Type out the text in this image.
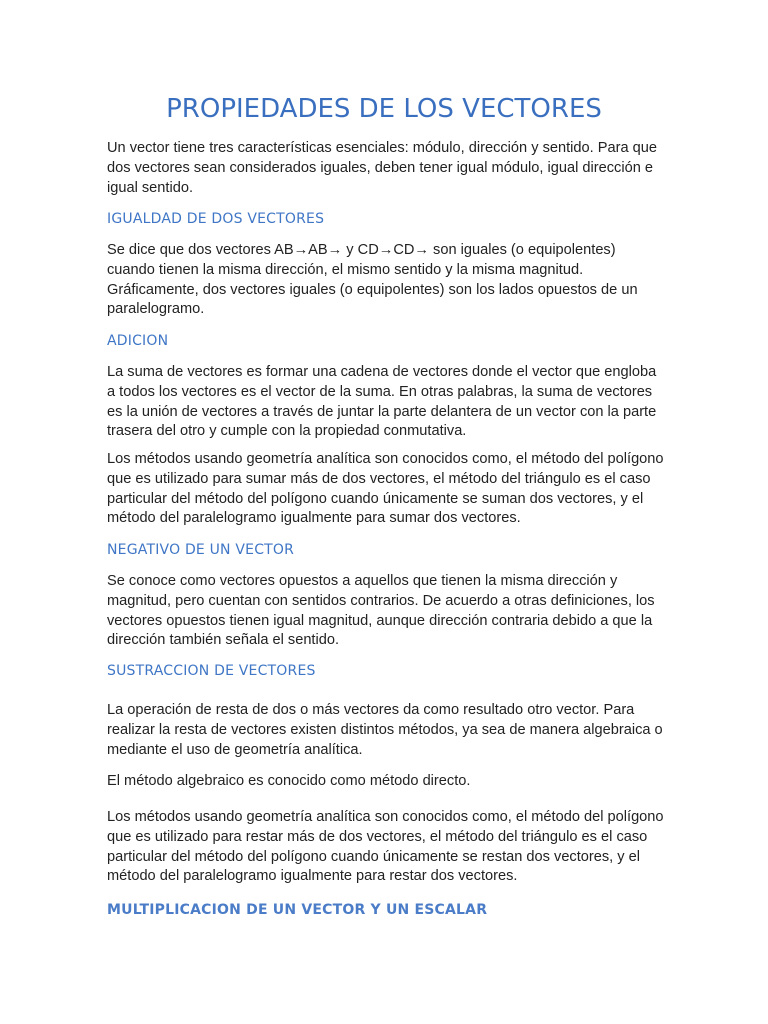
PROPIEDADES DE LOS VECTORES

Un vector tiene tres características esenciales: módulo, dirección y sentido. Para que dos vectores sean considerados iguales, deben tener igual módulo, igual dirección e igual sentido.

IGUALDAD DE DOS VECTORES

Se dice que dos vectores AB→AB→ y CD→CD→ son iguales (o equipolentes) cuando tienen la misma dirección, el mismo sentido y la misma magnitud. Gráficamente, dos vectores iguales (o equipolentes) son los lados opuestos de un paralelogramo.

ADICION

La suma de vectores es formar una cadena de vectores donde el vector que engloba a todos los vectores es el vector de la suma. En otras palabras, la suma de vectores es la unión de vectores a través de juntar la parte delantera de un vector con la parte trasera del otro y cumple con la propiedad conmutativa.

Los métodos usando geometría analítica son conocidos como, el método del polígono que es utilizado para sumar más de dos vectores, el método del triángulo es el caso particular del método del polígono cuando únicamente se suman dos vectores, y el método del paralelogramo igualmente para sumar dos vectores.

NEGATIVO DE UN VECTOR

Se conoce como vectores opuestos a aquellos que tienen la misma dirección y magnitud, pero cuentan con sentidos contrarios. De acuerdo a otras definiciones, los vectores opuestos tienen igual magnitud, aunque dirección contraria debido a que la dirección también señala el sentido.

SUSTRACCION DE VECTORES

La operación de resta de dos o más vectores da como resultado otro vector. Para realizar la resta de vectores existen distintos métodos, ya sea de manera algebraica o mediante el uso de geometría analítica.

El método algebraico es conocido como método directo.

Los métodos usando geometría analítica son conocidos como, el método del polígono que es utilizado para restar más de dos vectores, el método del triángulo es el caso particular del método del polígono cuando únicamente se restan dos vectores, y el método del paralelogramo igualmente para restar dos vectores.

MULTIPLICACION DE UN VECTOR Y UN ESCALAR
